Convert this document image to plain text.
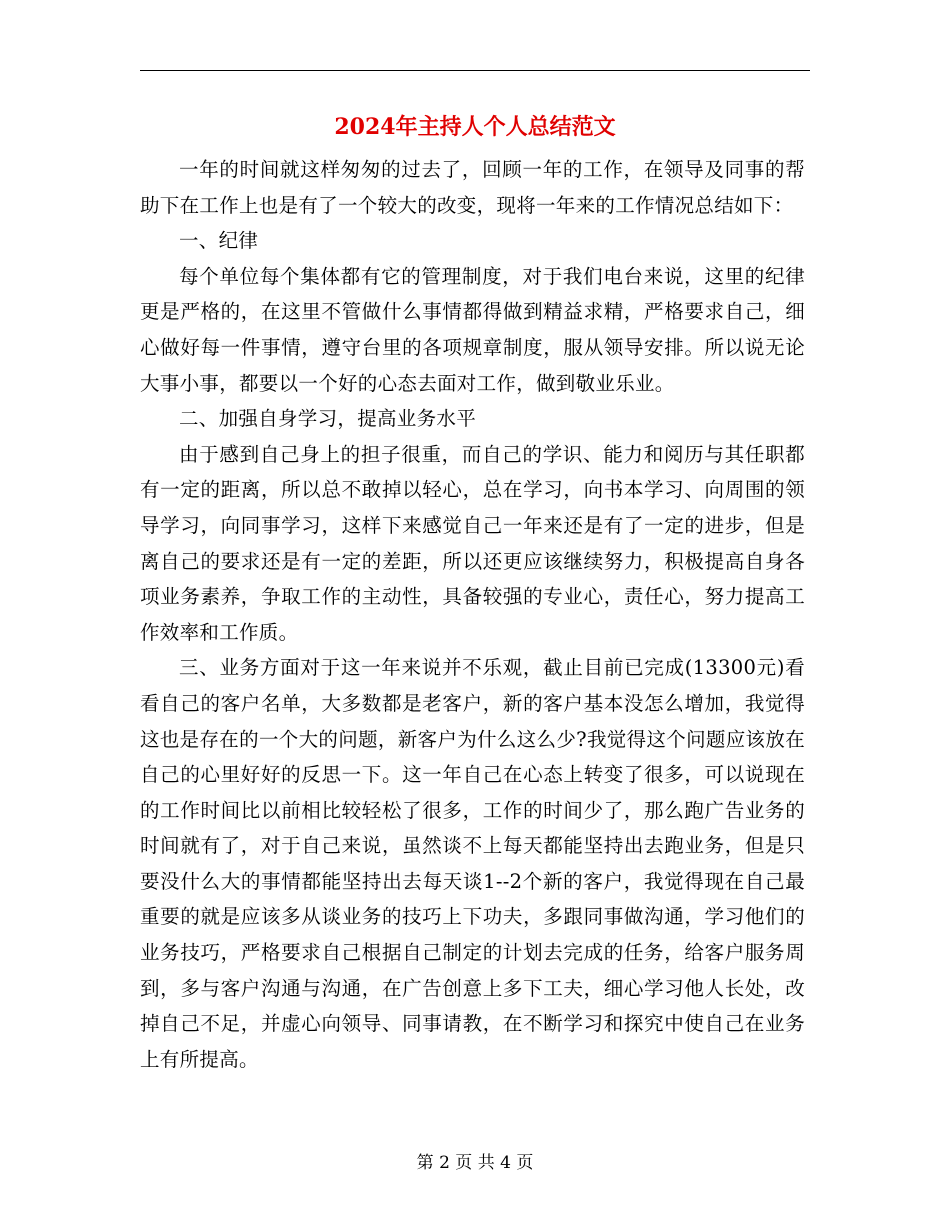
2024年主持人个人总结范文

一年的时间就这样匆匆的过去了，回顾一年的工作，在领导及同事的帮助下在工作上也是有了一个较大的改变，现将一年来的工作情况总结如下：

一、纪律

每个单位每个集体都有它的管理制度，对于我们电台来说，这里的纪律更是严格的，在这里不管做什么事情都得做到精益求精，严格要求自己，细心做好每一件事情，遵守台里的各项规章制度，服从领导安排。所以说无论大事小事，都要以一个好的心态去面对工作，做到敬业乐业。

二、加强自身学习，提高业务水平

由于感到自己身上的担子很重，而自己的学识、能力和阅历与其任职都有一定的距离，所以总不敢掉以轻心，总在学习，向书本学习、向周围的领导学习，向同事学习，这样下来感觉自己一年来还是有了一定的进步，但是离自己的要求还是有一定的差距，所以还更应该继续努力，积极提高自身各项业务素养，争取工作的主动性，具备较强的专业心，责任心，努力提高工作效率和工作质。

三、业务方面对于这一年来说并不乐观，截止目前已完成(13300元)看看自己的客户名单，大多数都是老客户，新的客户基本没怎么增加，我觉得这也是存在的一个大的问题，新客户为什么这么少?我觉得这个问题应该放在自己的心里好好的反思一下。这一年自己在心态上转变了很多，可以说现在的工作时间比以前相比较轻松了很多，工作的时间少了，那么跑广告业务的时间就有了，对于自己来说，虽然谈不上每天都能坚持出去跑业务，但是只要没什么大的事情都能坚持出去每天谈1--2个新的客户，我觉得现在自己最重要的就是应该多从谈业务的技巧上下功夫，多跟同事做沟通，学习他们的业务技巧，严格要求自己根据自己制定的计划去完成的任务，给客户服务周到，多与客户沟通与沟通，在广告创意上多下工夫，细心学习他人长处，改掉自己不足，并虚心向领导、同事请教，在不断学习和探究中使自己在业务上有所提高。

第 2 页 共 4 页
